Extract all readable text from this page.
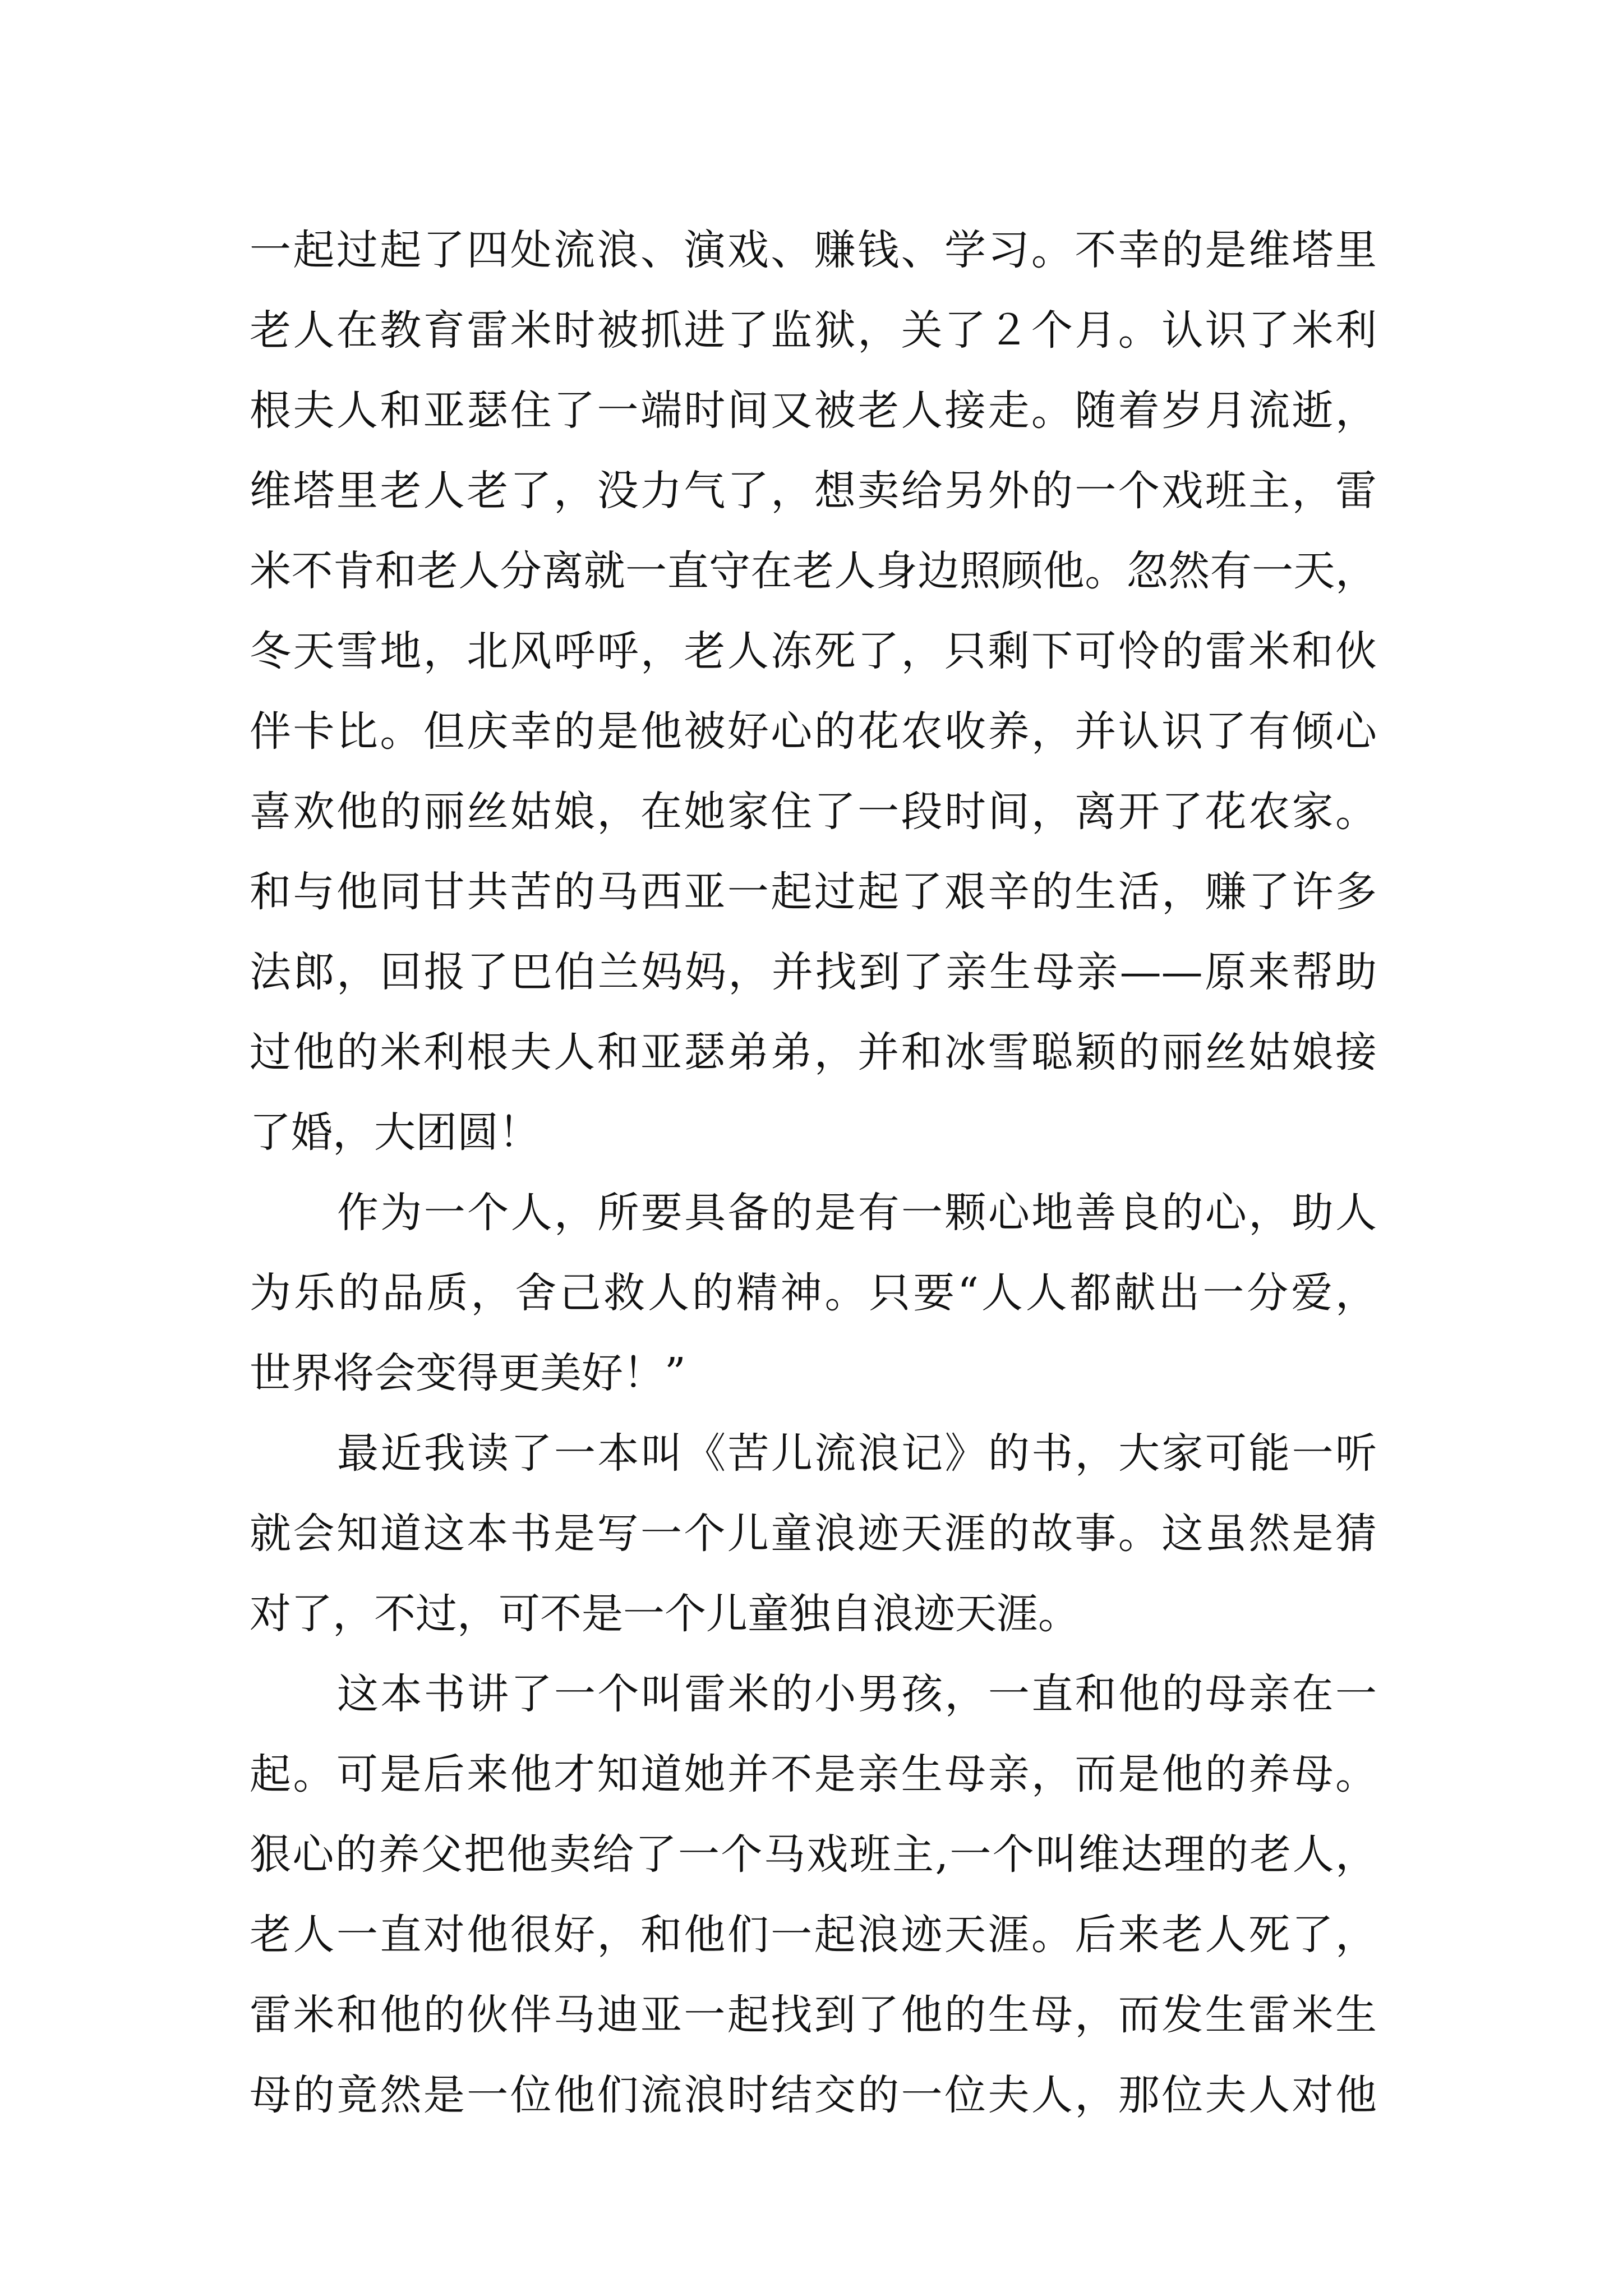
一起过起了四处流浪、演戏、赚钱、学习。不幸的是维塔里
老人在教育雷米时被抓进了监狱，关了２个月。认识了米利
根夫人和亚瑟住了一端时间又被老人接走。随着岁月流逝，
维塔里老人老了，没力气了，想卖给另外的一个戏班主，雷
米不肯和老人分离就一直守在老人身边照顾他。忽然有一天，
冬天雪地，北风呼呼，老人冻死了，只剩下可怜的雷米和伙
伴卡比。但庆幸的是他被好心的花农收养，并认识了有倾心
喜欢他的丽丝姑娘，在她家住了一段时间，离开了花农家。
和与他同甘共苦的马西亚一起过起了艰辛的生活，赚了许多
法郎，回报了巴伯兰妈妈，并找到了亲生母亲——原来帮助
过他的米利根夫人和亚瑟弟弟，并和冰雪聪颖的丽丝姑娘接
了婚，大团圆！
作为一个人，所要具备的是有一颗心地善良的心，助人
为乐的品质，舍己救人的精神。只要“人人都献出一分爱，
世界将会变得更美好！”
最近我读了一本叫《苦儿流浪记》的书，大家可能一听
就会知道这本书是写一个儿童浪迹天涯的故事。这虽然是猜
对了，不过，可不是一个儿童独自浪迹天涯。
这本书讲了一个叫雷米的小男孩，一直和他的母亲在一
起。可是后来他才知道她并不是亲生母亲，而是他的养母。
狠心的养父把他卖给了一个马戏班主,一个叫维达理的老人，
老人一直对他很好，和他们一起浪迹天涯。后来老人死了，
雷米和他的伙伴马迪亚一起找到了他的生母，而发生雷米生
母的竟然是一位他们流浪时结交的一位夫人，那位夫人对他
